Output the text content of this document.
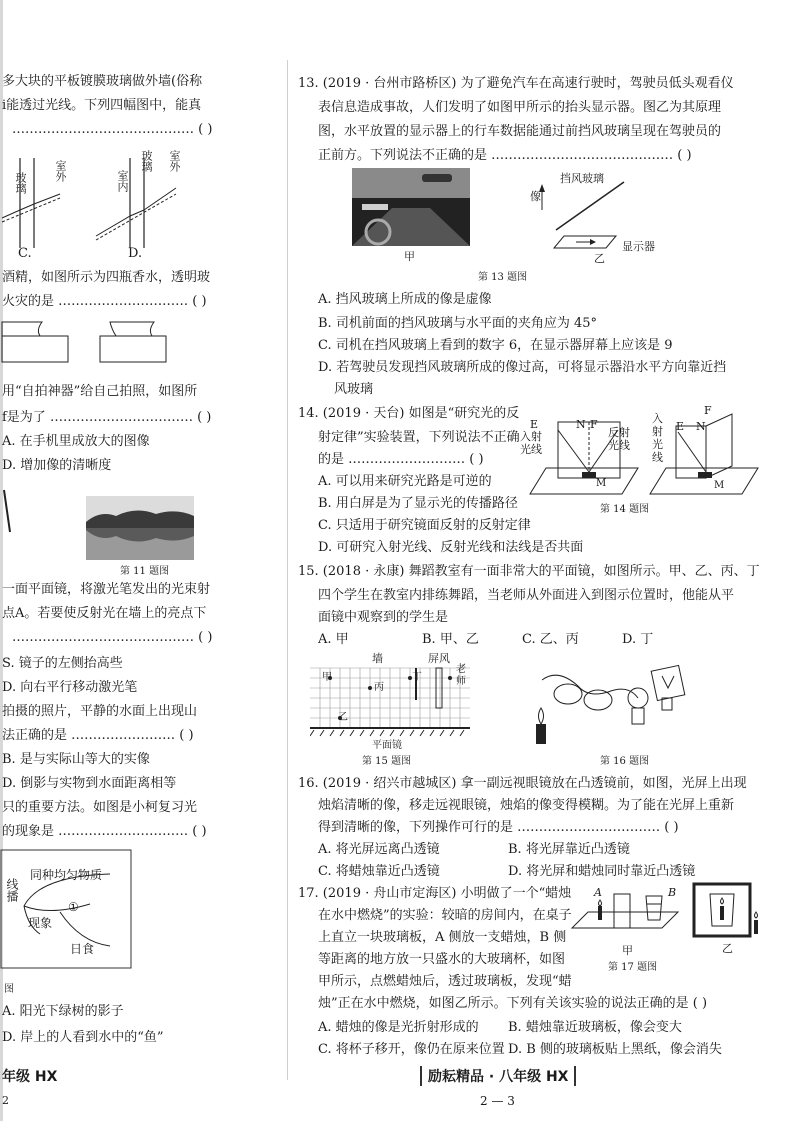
多大块的平板镀膜玻璃做外墙(俗称
i能透过光线。下列四幅图中，能真
…………………………………… ( )
玻璃
室外	室内
玻璃 室外
C.	D.
酒精，如图所示为四瓶香水，透明玻
火灾的是 ………………………… ( )
用“自拍神器”给自己拍照，如图所
f是为了 …………………………… ( )
A. 在手机里成放大的图像
D. 增加像的清晰度
第 11 题图
一面平面镜，将激光笔发出的光束射
点A。若要使反射光在墙上的亮点下
…………………………………… ( )
S. 镜子的左侧抬高些
D. 向右平行移动激光笔
拍摄的照片，平静的水面上出现山
法正确的是 …………………… ( )
B. 是与实际山等大的实像
D. 倒影与实物到水面距离相等
只的重要方法。如图是小柯复习光
的现象是 ………………………… ( )
线播
同种均匀物质
①
现象
日食
图
A. 阳光下绿树的影子
D. 岸上的人看到水中的“鱼”
13. (2019 · 台州市路桥区) 为了避免汽车在高速行驶时，驾驶员低头观看仪
表信息造成事故，人们发明了如图甲所示的抬头显示器。图乙为其原理
图，水平放置的显示器上的行车数据能通过前挡风玻璃呈现在驾驶员的
正前方。下列说法不正确的是 …………………………………… ( )
甲
挡风玻璃
像
显示器
乙
第 13 题图
A. 挡风玻璃上所成的像是虚像
B. 司机前面的挡风玻璃与水平面的夹角应为 45°
C. 司机在挡风玻璃上看到的数字 6，在显示器屏幕上应该是 9
D. 若驾驶员发现挡风玻璃所成的像过高，可将显示器沿水平方向靠近挡
风玻璃
14. (2019 · 天台) 如图是“研究光的反
射定律”实验装置，下列说法不正确
的是 ……………………… ( )
A. 可以用来研究光路是可逆的
B. 用白屏是为了显示光的传播路径
C. 只适用于研究镜面反射的反射定律
D. 可研究入射光线、反射光线和法线是否共面
E	N F
M
E N
F
M
入射光线
反射光线
入射光线
第 14 题图
15. (2018 · 永康) 舞蹈教室有一面非常大的平面镜，如图所示。甲、乙、丙、丁
四个学生在教室内排练舞蹈，当老师从外面进入到图示位置时，他能从平
面镜中观察到的学生是
A. 甲	B. 甲、乙	C. 乙、丙	D. 丁
墙	屏风
甲
丙
丁
乙
老师
平面镜
第 15 题图	第 16 题图
16. (2019 · 绍兴市越城区) 拿一副远视眼镜放在凸透镜前，如图，光屏上出现
烛焰清晰的像，移走远视眼镜，烛焰的像变得模糊。为了能在光屏上重新
得到清晰的像，下列操作可行的是 …………………………… ( )
A. 将光屏远离凸透镜	B. 将光屏靠近凸透镜
C. 将蜡烛靠近凸透镜	D. 将光屏和蜡烛同时靠近凸透镜
17. (2019 · 舟山市定海区) 小明做了一个“蜡烛
在水中燃烧”的实验：较暗的房间内，在桌子
上直立一块玻璃板，A 侧放一支蜡烛，B 侧
等距离的地方放一只盛水的大玻璃杯，如图
甲所示，点燃蜡烛后，透过玻璃板，发现“蜡
烛”正在水中燃烧，如图乙所示。下列有关该实验的说法正确的是 ( )
A. 蜡烛的像是光折射形成的 B. 蜡烛靠近玻璃板，像会变大
C. 将杯子移开，像仍在原来位置 D. B 侧的玻璃板贴上黑纸，像会消失
A	B
甲	乙
第 17 题图
年级 HX
2
励耘精品 · 八年级 HX
2 — 3
